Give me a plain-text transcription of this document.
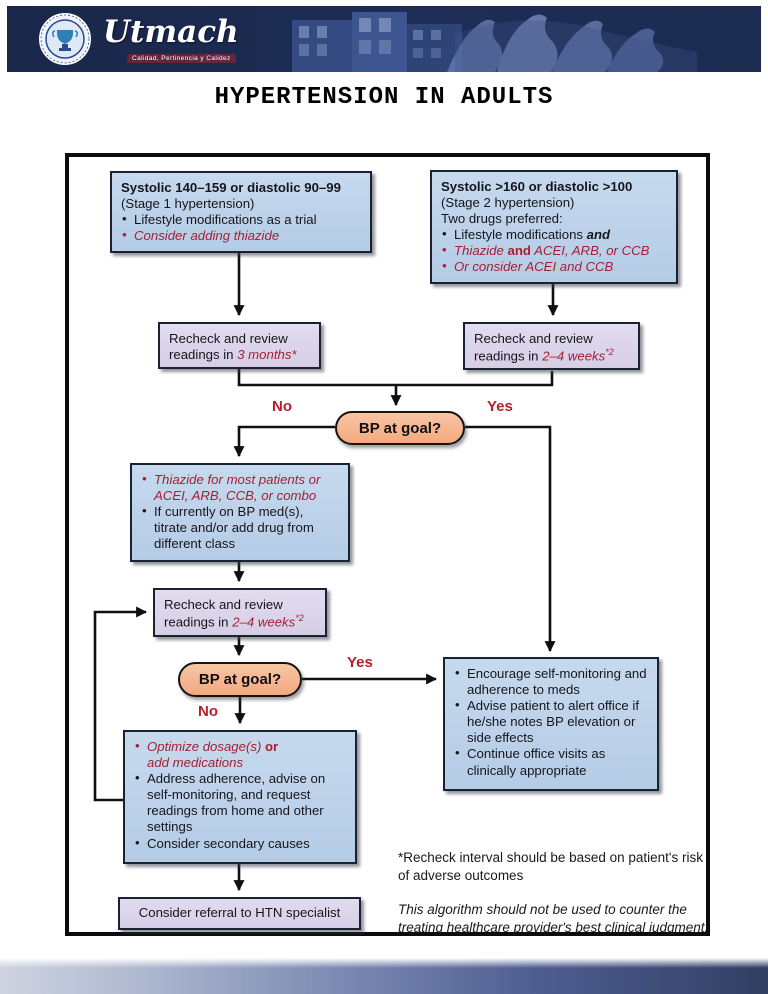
Utmach
Calidad, Pertinencia y Calidez
HYPERTENSION IN ADULTS
Systolic 140–159 or diastolic 90–99
(Stage 1 hypertension)
• Lifestyle modifications as a trial
• Consider adding thiazide
Systolic >160 or diastolic >100
(Stage 2 hypertension)
Two drugs preferred:
• Lifestyle modifications and
• Thiazide and ACEI, ARB, or CCB
• Or consider ACEI and CCB
Recheck and review
readings in 3 months*
Recheck and review
readings in 2–4 weeks$^{*2}$
BP at goal?
No	Yes
• Thiazide for most patients or ACEI, ARB, CCB, or combo
• If currently on BP med(s), titrate and/or add drug from different class
Recheck and review
readings in 2–4 weeks$^{*2}$
BP at goal?
Yes
No
• Optimize dosage(s) or
add medications
• Address adherence, advise on self-monitoring, and request readings from home and other settings
• Consider secondary causes
• Encourage self-monitoring and adherence to meds
• Advise patient to alert office if he/she notes BP elevation or side effects
• Continue office visits as clinically appropriate
Consider referral to HTN specialist
*Recheck interval should be based on patient's risk of adverse outcomes
This algorithm should not be used to counter the treating healthcare provider's best clinical judgment.
